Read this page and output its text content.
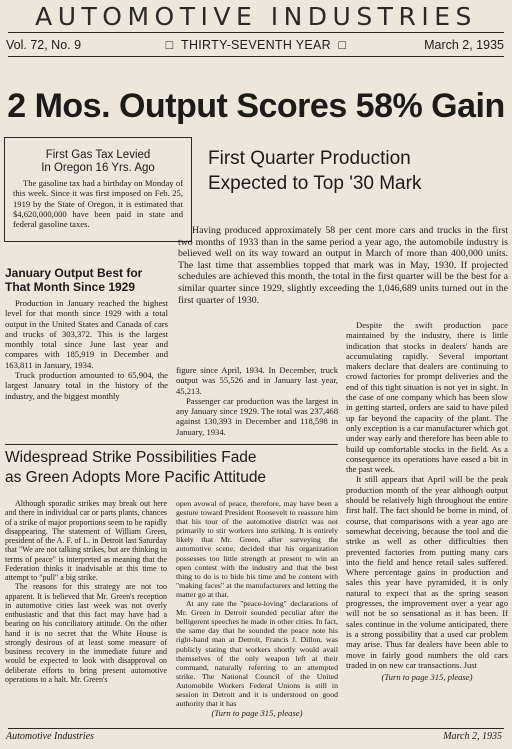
AUTOMOTIVE INDUSTRIES
Vol. 72, No. 9	□  THIRTY-SEVENTH YEAR  □	March 2, 1935
2 Mos. Output Scores 58% Gain
First Gas Tax Levied
In Oregon 16 Yrs. Ago

The gasoline tax had a birthday on Monday of this week. Since it was first imposed on Feb. 25, 1919 by the State of Oregon, it is estimated that $4,620,000,000 have been paid in state and federal gasoline taxes.

First Quarter Production
Expected to Top '30 Mark

Having produced approximately 58 per cent more cars and trucks in the first two months of 1933 than in the same period a year ago, the automobile industry is believed well on its way toward an output in March of more than 400,000 units. The last time that assemblies topped that mark was in May, 1930. If projected schedules are achieved this month, the total in the first quarter will be the best for a similar quarter since 1929, slightly exceeding the 1,046,689 units turned out in the first quarter of 1930.

January Output Best for
That Month Since 1929

Production in January reached the highest level for that month since 1929 with a total output in the United States and Canada of cars and trucks of 303,372. This is the largest monthly total since June last year and compares with 185,919 in December and 163,811 in January, 1934.

Truck production amounted to 65,904, the largest January total in the history of the industry, and the biggest monthly

figure since April, 1934. In December, truck output was 55,526 and in January last year, 45,213.

Passenger car production was the largest in any January since 1929. The total was 237,468 against 130,393 in December and 118,598 in January, 1934.

Despite the swift production pace maintained by the industry, there is little indication that stocks in dealers' hands are accumulating rapidly. Several important makers declare that dealers are continuing to crowd factories for prompt deliveries and the end of this tight situation is not yet in sight. In the case of one company which has been slow in getting started, orders are said to have piled up far beyond the capacity of the plant. The only exception is a car manufacturer which got under way early and therefore has been able to build up comfortable stocks in the field. As a consequence its operations have eased a bit in the past week.

It still appears that April will be the peak production month of the year although output should be relatively high throughout the entire first half. The fact should be borne in mind, of course, that comparisons with a year ago are somewhat deceiving, because the tool and die strike as well as other difficulties then prevented factories from putting many cars into the field and hence retail sales suffered. Where percentage gains in production and sales this year have pyramided, it is only natural to expect that as the spring season progresses, the improvement over a year ago will not be so sensational as it has been. If sales continue in the volume anticipated, there is a strong possibility that a used car problem may arise. Thus far dealers have been able to move in fairly good numbers the old cars traded in on new car transactions. Just

(Turn to page 315, please)
Widespread Strike Possibilities Fade
as Green Adopts More Pacific Attitude

Although sporadic strikes may break out here and there in individual car or parts plants, chances of a strike of major proportions seem to be rapidly disappearing. The statement of William Green, president of the A. F. of L. in Detroit last Saturday that "We are not talking strikes, but are thinking in terms of peace" is interpreted as meaning that the Federation thinks it inadvisable at this time to attempt to "pull" a big strike.

The reasons for this strategy are not too apparent. It is believed that Mr. Green's reception in automotive cities last week was not overly enthusiastic and that this fact may have had a bearing on his conciliatory attitude. On the other hand it is no secret that the White House is strongly desirous of at least some measure of business recovery in the immediate future and would be expected to look with disapproval on deliberate efforts to bring present automotive operations to a halt. Mr. Green's

open avowal of peace, therefore, may have been a gesture toward President Roosevelt to reassure him that his tour of the automotive district was not primarily to stir workers into striking. It is entirely likely that Mr. Green, after surveying the automotive scene, decided that his organization possesses too little strength at present to win an open contest with the industry and that the best thing to do is to bide his time and be content with "making faces" at the manufacturers and letting the matter go at that.

At any rate the "peace-loving" declarations of Mr. Green in Detroit sounded peculiar after the belligerent speeches he made in other cities. In fact, the same day that he sounded the peace note his right-hand man at Detroit, Francis J. Dillon, was publicly stating that workers shortly would avail themselves of the only weapon left at their command, naturally referring to an attempted strike. The National Council of the United Automobile Workers Federal Unions is still in session in Detroit and it is understood on good authority that it has

(Turn to page 315, please)
Automotive Industries	March 2, 1935
